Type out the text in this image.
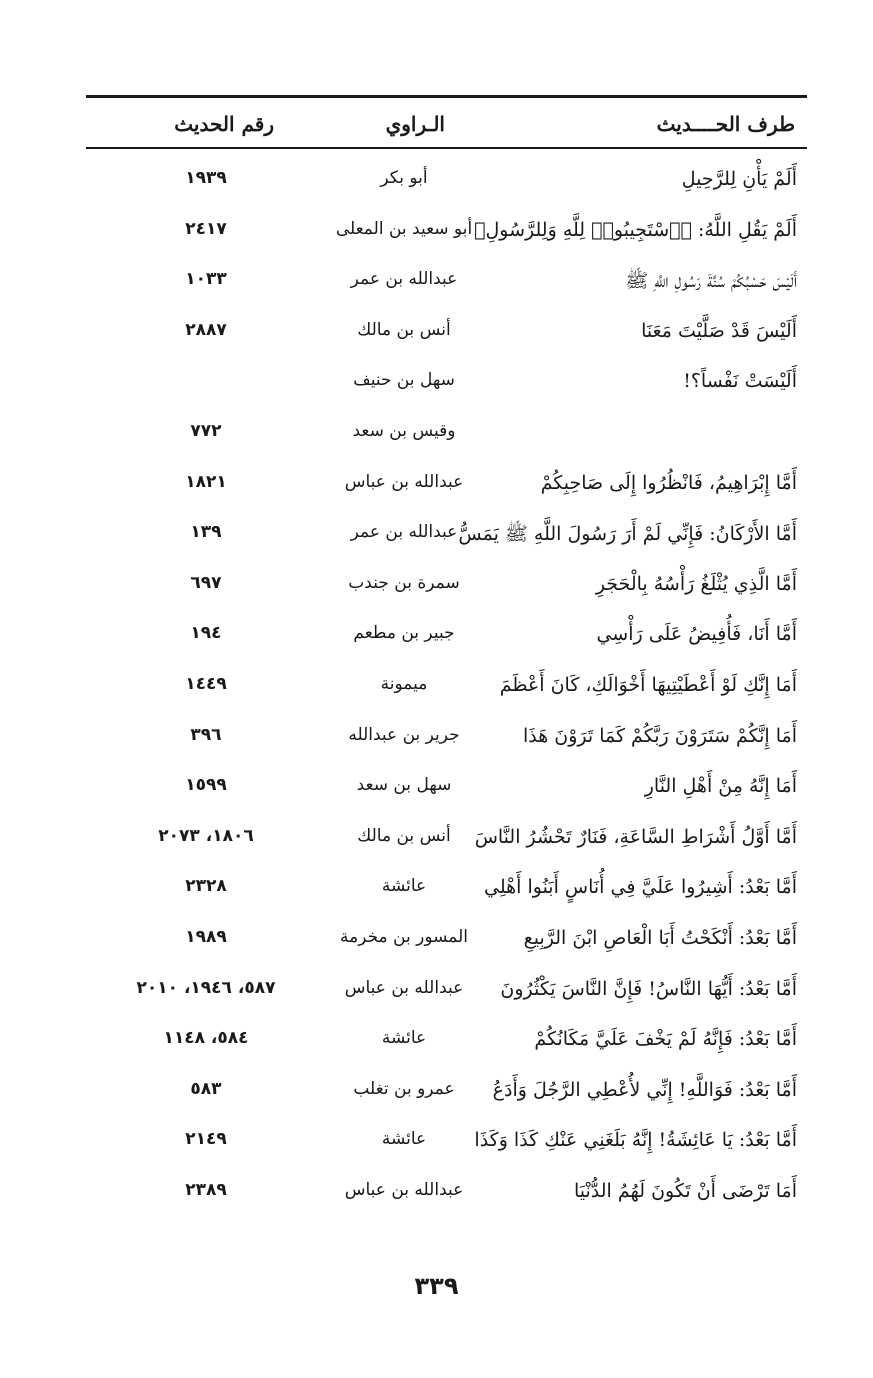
طرف الحــــديث
الـراوي
رقم الحديث
أَلَمْ يَأْنِ لِلرَّحِيلِ
أبو بكر
١٩٣٩
أَلَمْ يَقُلِ اللَّهُ: ﴿ٱسْتَجِيبُوا۟ لِلَّهِ وَلِلرَّسُولِ﴾
أبو سعيد بن المعلى
٢٤١٧
أَلَيْسَ حَسْبُكُمْ سُنَّةَ رَسُولِ اللَّهِ ﷺ
عبدالله بن عمر
١٠٣٣
أَلَيْسَ قَدْ صَلَّيْتَ مَعَنَا
أنس بن مالك
٢٨٨٧
أَلَيْسَتْ نَفْساً؟!
سهل بن حنيف
وقيس بن سعد
٧٧٢
أَمَّا إِبْرَاهِيمُ، فَانْظُرُوا إِلَى صَاحِبِكُمْ
عبدالله بن عباس
١٨٢١
أَمَّا الأَرْكَانُ: فَإِنِّي لَمْ أَرَ رَسُولَ اللَّهِ ﷺ يَمَسُّ
عبدالله بن عمر
١٣٩
أَمَّا الَّذِي يُثْلَغُ رَأْسُهُ بِالْحَجَرِ
سمرة بن جندب
٦٩٧
أَمَّا أَنَا، فَأُفِيضُ عَلَى رَأْسِي
جبير بن مطعم
١٩٤
أَمَا إِنَّكِ لَوْ أَعْطَيْتِيهَا أَخْوَالَكِ، كَانَ أَعْظَمَ
ميمونة
١٤٤٩
أَمَا إِنَّكُمْ سَتَرَوْنَ رَبَّكُمْ كَمَا تَرَوْنَ هَذَا
جرير بن عبدالله
٣٩٦
أَمَا إِنَّهُ مِنْ أَهْلِ النَّارِ
سهل بن سعد
١٥٩٩
أَمَّا أَوَّلُ أَشْرَاطِ السَّاعَةِ، فَنَارٌ تَحْشُرُ النَّاسَ
أنس بن مالك
١٨٠٦، ٢٠٧٣
أَمَّا بَعْدُ: أَشِيرُوا عَلَيَّ فِي أُنَاسٍ أَبَنُوا أَهْلِي
عائشة
٢٣٢٨
أَمَّا بَعْدُ: أَنْكَحْتُ أَبَا الْعَاصِ ابْنَ الرَّبِيعِ
المسور بن مخرمة
١٩٨٩
أَمَّا بَعْدُ: أَيُّهَا النَّاسُ! فَإِنَّ النَّاسَ يَكْثُرُونَ
عبدالله بن عباس
٥٨٧، ١٩٤٦، ٢٠١٠
أَمَّا بَعْدُ: فَإِنَّهُ لَمْ يَخْفَ عَلَيَّ مَكَانُكُمْ
عائشة
٥٨٤، ١١٤٨
أَمَّا بَعْدُ: فَوَاللَّهِ! إِنِّي لأُعْطِي الرَّجُلَ وَأَدَعُ
عمرو بن تغلب
٥٨٣
أَمَّا بَعْدُ: يَا عَائِشَةُ! إِنَّهُ بَلَغَنِي عَنْكِ كَذَا وَكَذَا
عائشة
٢١٤٩
أَمَا تَرْضَى أَنْ تَكُونَ لَهُمُ الدُّنْيَا
عبدالله بن عباس
٢٣٨٩
٣٣٩
